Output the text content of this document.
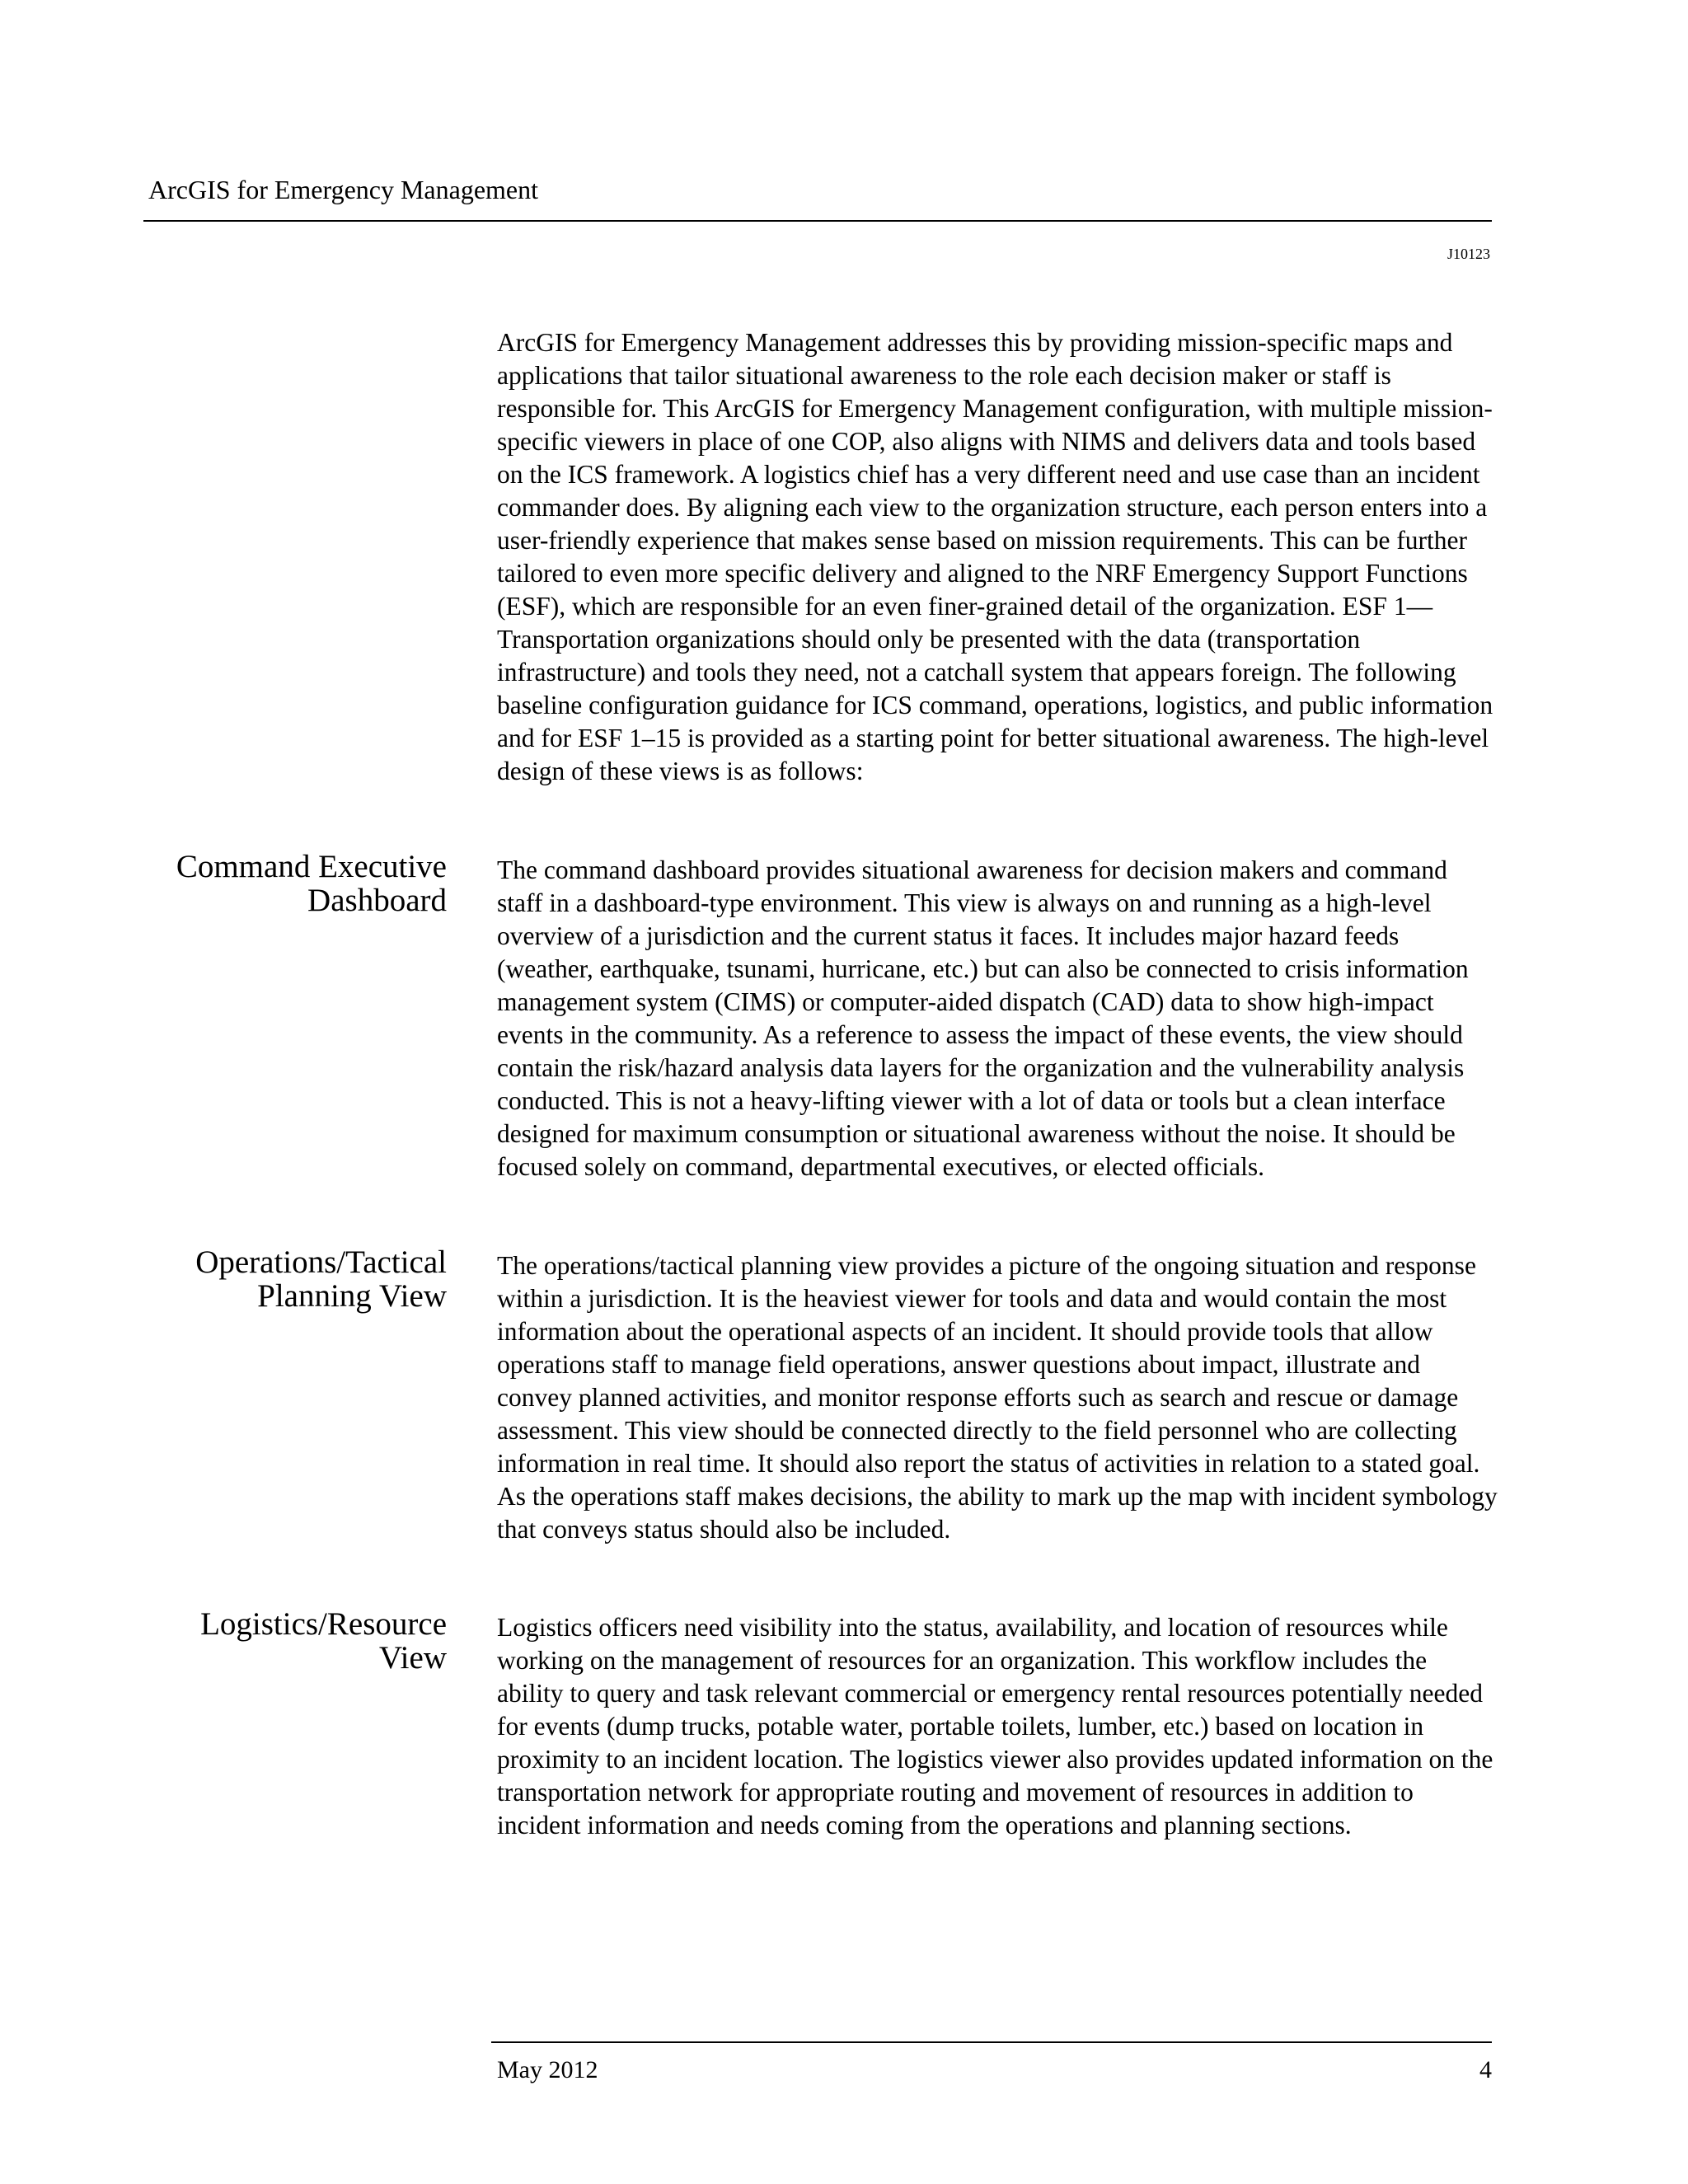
ArcGIS for Emergency Management
J10123

ArcGIS for Emergency Management addresses this by providing mission-specific maps and applications that tailor situational awareness to the role each decision maker or staff is responsible for. This ArcGIS for Emergency Management configuration, with multiple mission-specific viewers in place of one COP, also aligns with NIMS and delivers data and tools based on the ICS framework. A logistics chief has a very different need and use case than an incident commander does. By aligning each view to the organization structure, each person enters into a user-friendly experience that makes sense based on mission requirements. This can be further tailored to even more specific delivery and aligned to the NRF Emergency Support Functions (ESF), which are responsible for an even finer-grained detail of the organization. ESF 1—Transportation organizations should only be presented with the data (transportation infrastructure) and tools they need, not a catchall system that appears foreign. The following baseline configuration guidance for ICS command, operations, logistics, and public information and for ESF 1–15 is provided as a starting point for better situational awareness. The high-level design of these views is as follows:

Command Executive
Dashboard

The command dashboard provides situational awareness for decision makers and command staff in a dashboard-type environment. This view is always on and running as a high-level overview of a jurisdiction and the current status it faces. It includes major hazard feeds (weather, earthquake, tsunami, hurricane, etc.) but can also be connected to crisis information management system (CIMS) or computer-aided dispatch (CAD) data to show high-impact events in the community. As a reference to assess the impact of these events, the view should contain the risk/hazard analysis data layers for the organization and the vulnerability analysis conducted. This is not a heavy-lifting viewer with a lot of data or tools but a clean interface designed for maximum consumption or situational awareness without the noise. It should be focused solely on command, departmental executives, or elected officials.

Operations/Tactical
Planning View

The operations/tactical planning view provides a picture of the ongoing situation and response within a jurisdiction. It is the heaviest viewer for tools and data and would contain the most information about the operational aspects of an incident. It should provide tools that allow operations staff to manage field operations, answer questions about impact, illustrate and convey planned activities, and monitor response efforts such as search and rescue or damage assessment. This view should be connected directly to the field personnel who are collecting information in real time. It should also report the status of activities in relation to a stated goal. As the operations staff makes decisions, the ability to mark up the map with incident symbology that conveys status should also be included.

Logistics/Resource
View

Logistics officers need visibility into the status, availability, and location of resources while working on the management of resources for an organization. This workflow includes the ability to query and task relevant commercial or emergency rental resources potentially needed for events (dump trucks, potable water, portable toilets, lumber, etc.) based on location in proximity to an incident location. The logistics viewer also provides updated information on the transportation network for appropriate routing and movement of resources in addition to incident information and needs coming from the operations and planning sections.

May 2012	4
